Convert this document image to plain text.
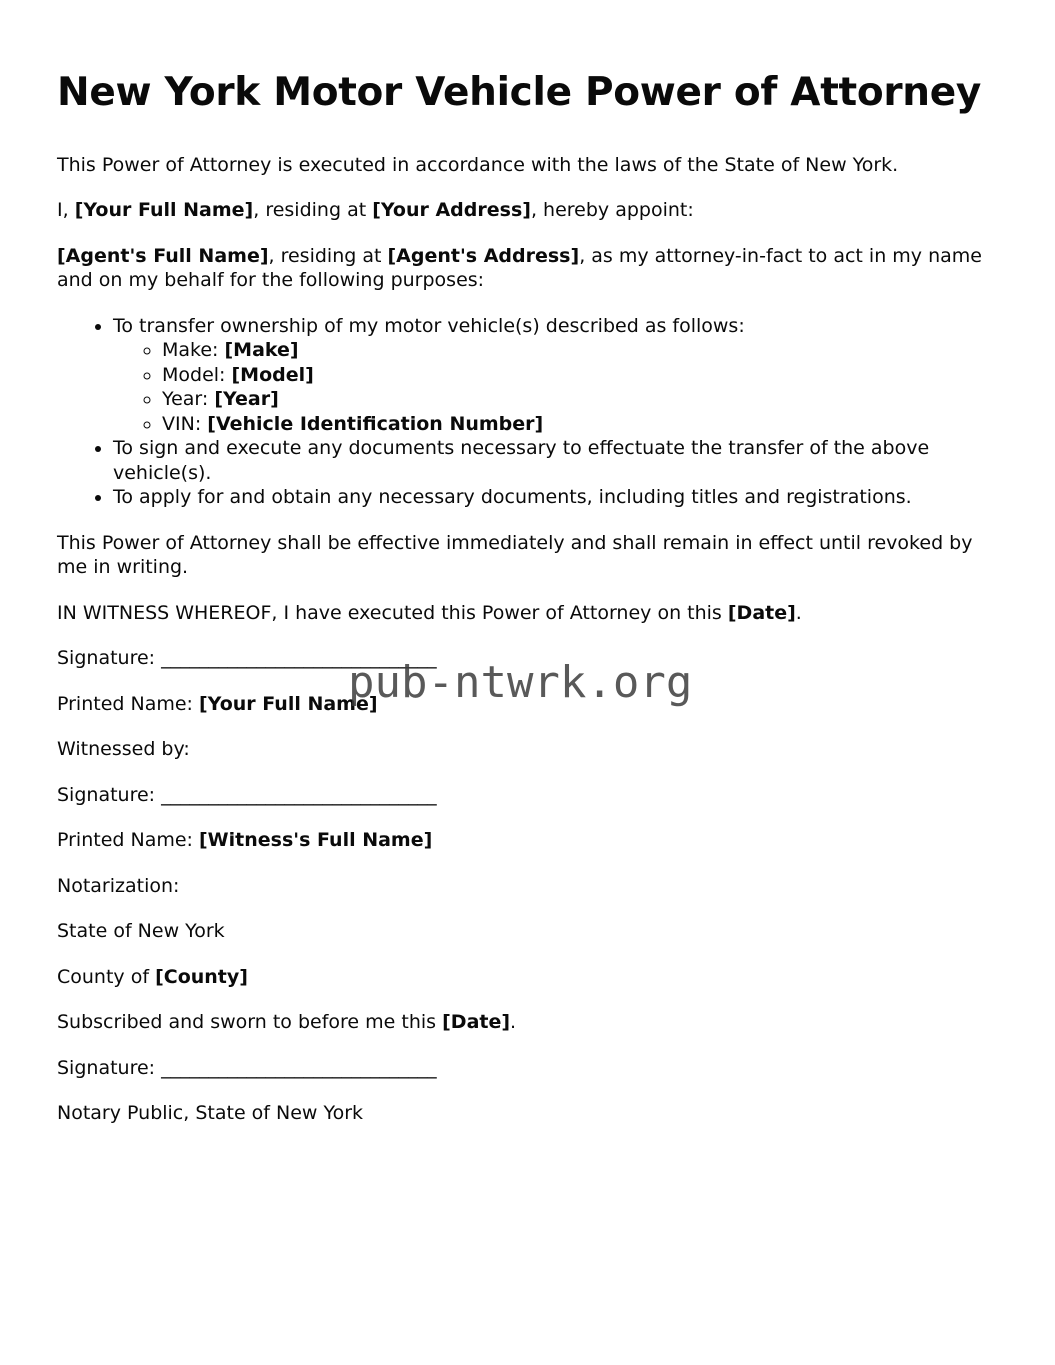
New York Motor Vehicle Power of Attorney

This Power of Attorney is executed in accordance with the laws of the State of New York.

I, [Your Full Name], residing at [Your Address], hereby appoint:

[Agent's Full Name], residing at [Agent's Address], as my attorney-in-fact to act in my name and on my behalf for the following purposes:

• To transfer ownership of my motor vehicle(s) described as follows:
◦ Make: [Make]
◦ Model: [Model]
◦ Year: [Year]
◦ VIN: [Vehicle Identification Number]
• To sign and execute any documents necessary to effectuate the transfer of the above vehicle(s).
• To apply for and obtain any necessary documents, including titles and registrations.

This Power of Attorney shall be effective immediately and shall remain in effect until revoked by me in writing.

IN WITNESS WHEREOF, I have executed this Power of Attorney on this [Date].

Signature: _____________________________

Printed Name: [Your Full Name]

Witnessed by:

Signature: _____________________________

Printed Name: [Witness's Full Name]

Notarization:

State of New York

County of [County]

Subscribed and sworn to before me this [Date].

Signature: _____________________________

Notary Public, State of New York

pub-ntwrk.org
